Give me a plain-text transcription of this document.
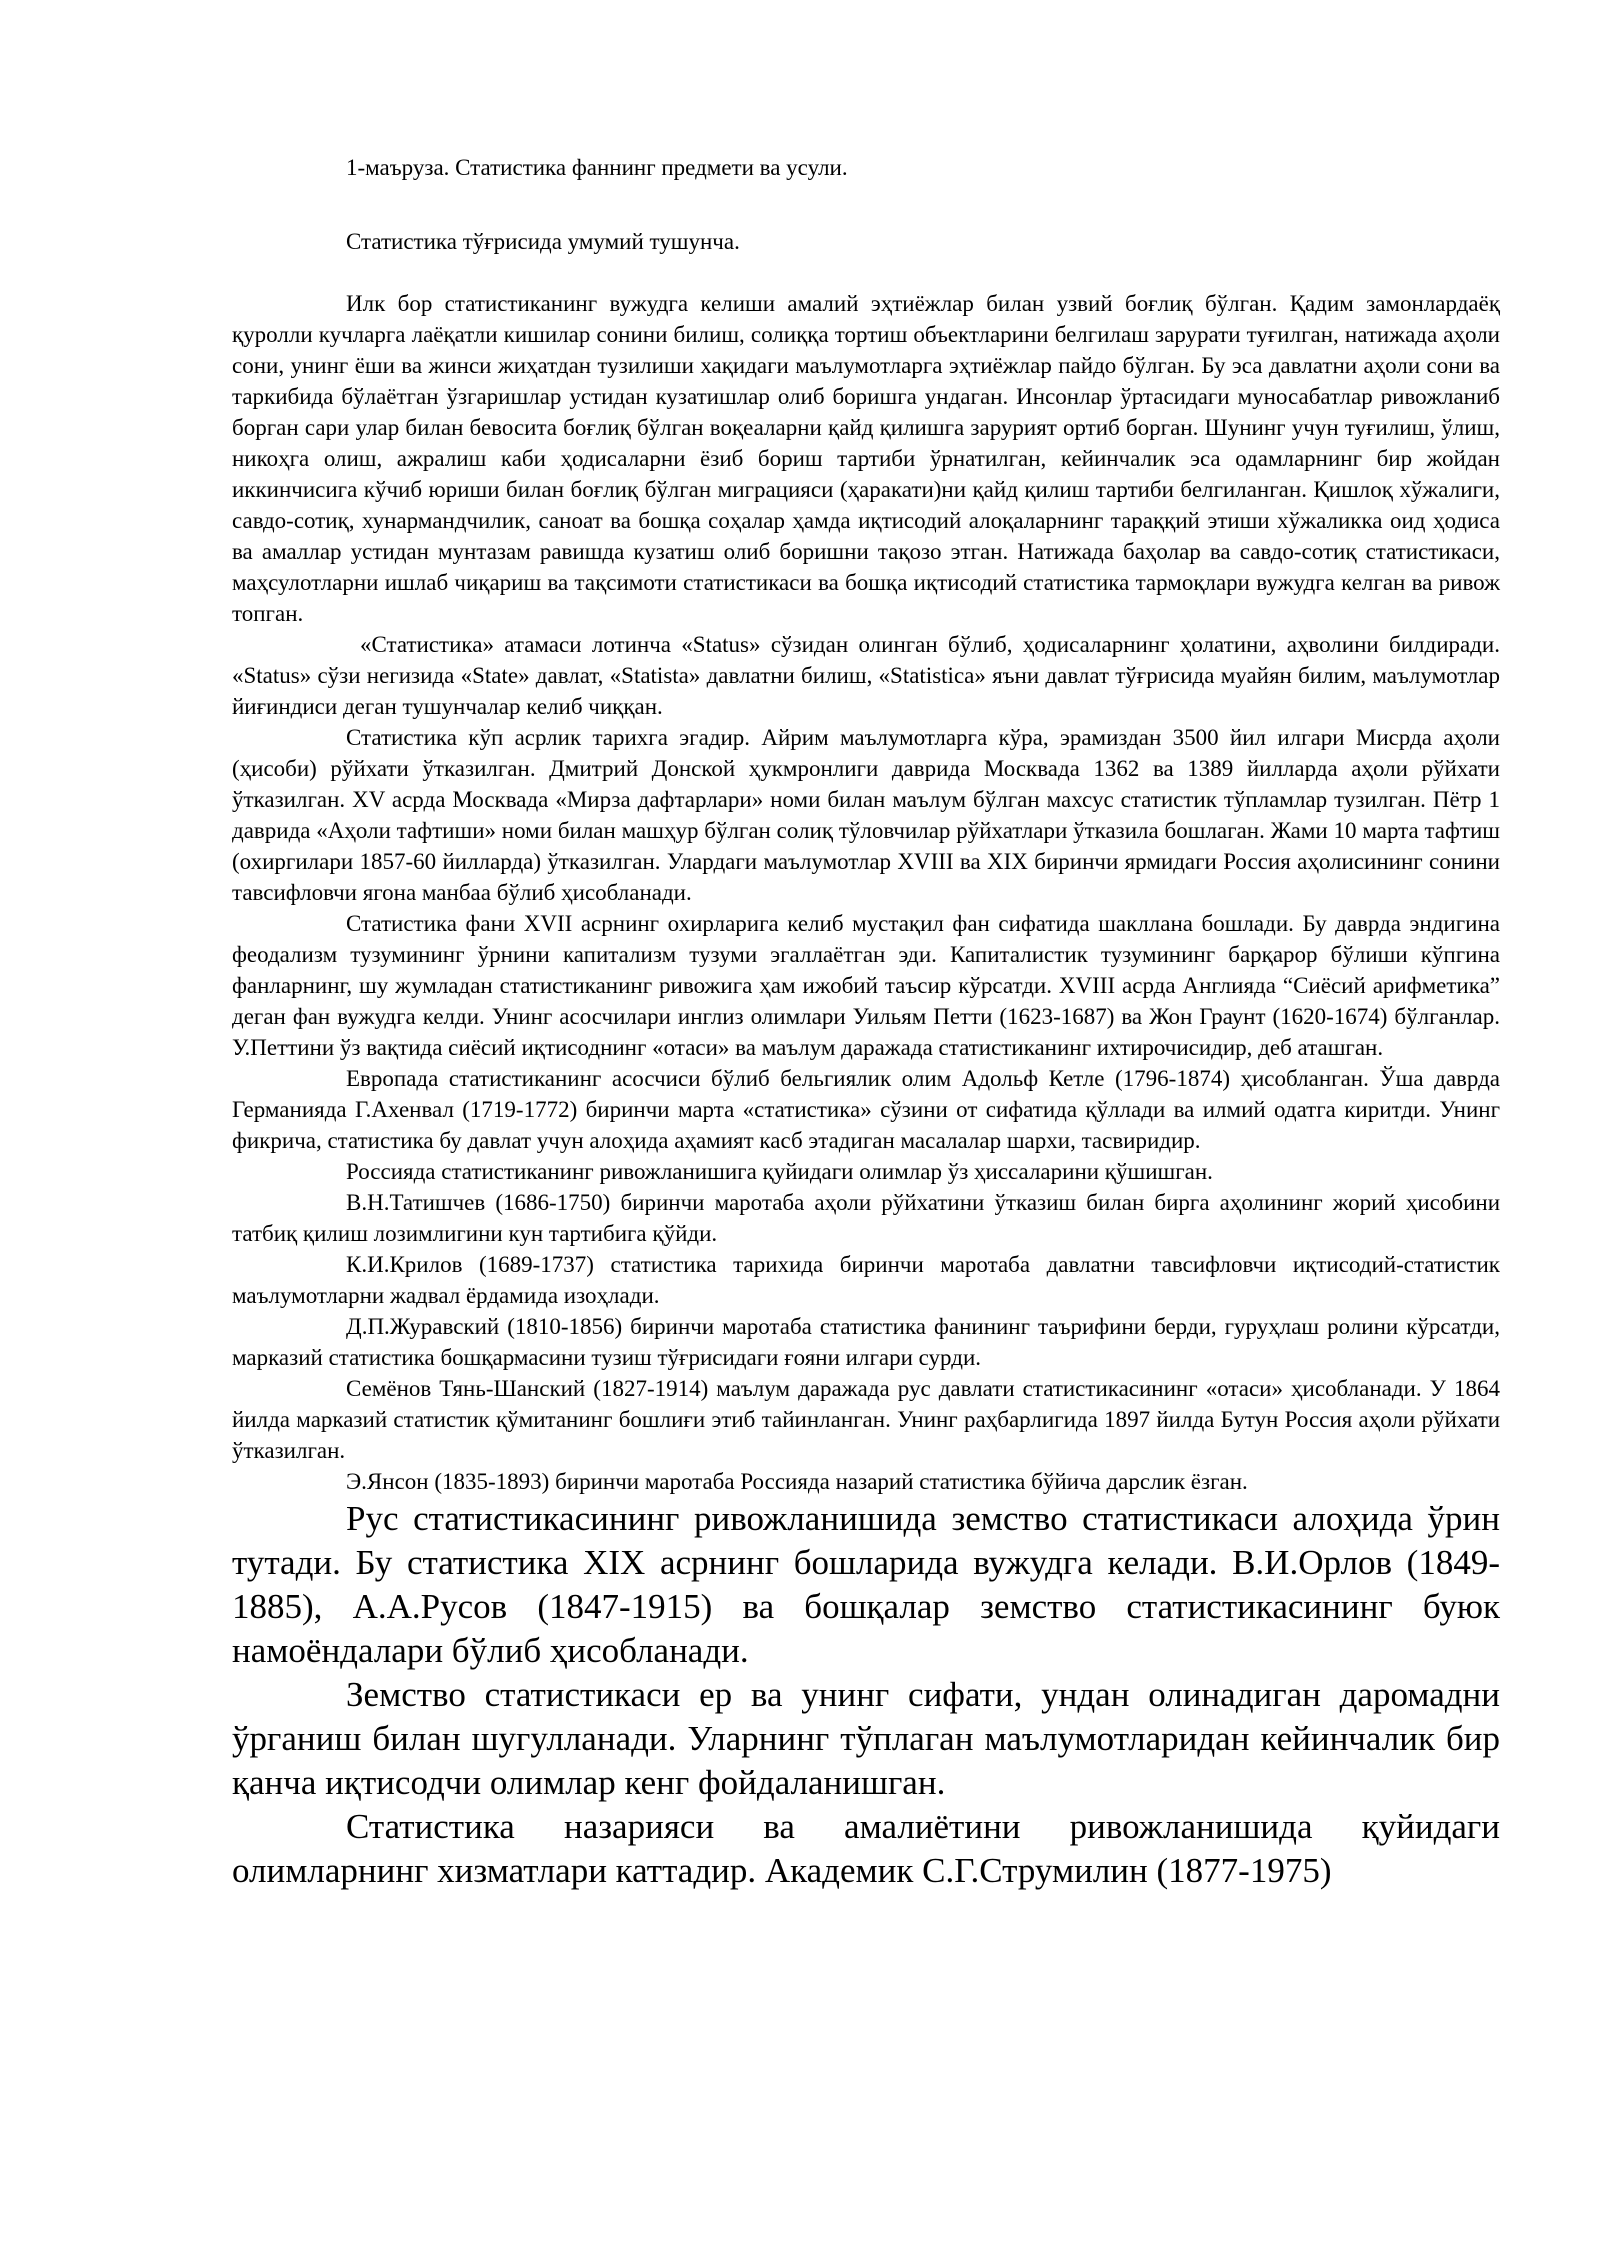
1-маъруза. Статистика фаннинг предмети ва усули.
Статистика тўғрисида умумий тушунча.

Илк бор статистиканинг вужудга келиши амалий эҳтиёжлар билан узвий боғлиқ бўлган. Қадим замонлардаёқ қуролли кучларга лаёқатли кишилар сонини билиш, солиққа тортиш объектларини белгилаш зарурати туғилган, натижада аҳоли сони, унинг ёши ва жинси жиҳатдан тузилиши хақидаги маълумотларга эҳтиёжлар пайдо бўлган. Бу эса давлатни аҳоли сони ва таркибида бўлаётган ўзгаришлар устидан кузатишлар олиб боришга ундаган. Инсонлар ўртасидаги муносабатлар ривожланиб борган сари улар билан бевосита боғлиқ бўлган воқеаларни қайд қилишга зарурият ортиб борган. Шунинг учун туғилиш, ўлиш, никоҳга олиш, ажралиш каби ҳодисаларни ёзиб бориш тартиби ўрнатилган, кейинчалик эса одамларнинг бир жойдан иккинчисига кўчиб юриши билан боғлиқ бўлган миграцияси (ҳаракати)ни қайд қилиш тартиби белгиланган. Қишлоқ хўжалиги, савдо-сотиқ, хунармандчилик, саноат ва бошқа соҳалар ҳамда иқтисодий алоқаларнинг тараққий этиши хўжаликка оид ҳодиса ва амаллар устидан мунтазам равишда кузатиш олиб боришни тақозо этган. Натижада баҳолар ва савдо-сотиқ статистикаси, маҳсулотларни ишлаб чиқариш ва тақсимоти статистикаси ва бошқа иқтисодий статистика тармоқлари вужудга келган ва ривож топган.

«Статистика» атамаси лотинча «Status» сўзидан олинган бўлиб, ҳодисаларнинг ҳолатини, аҳволини билдиради. «Status» сўзи негизида «State» давлат, «Statista» давлатни билиш, «Statistica» яъни давлат тўғрисида муайян билим, маълумотлар йиғиндиси деган тушунчалар келиб чиққан.

Статистика кўп асрлик тарихга эгадир. Айрим маълумотларга кўра, эрамиздан 3500 йил илгари Мисрда аҳоли (ҳисоби) рўйхати ўтказилган. Дмитрий Донской ҳукмронлиги даврида Москвада 1362 ва 1389 йилларда аҳоли рўйхати ўтказилган. XV асрда Москвада «Мирза дафтарлари» номи билан маълум бўлган махсус статистик тўпламлар тузилган. Пётр 1 даврида «Аҳоли тафтиши» номи билан машҳур бўлган солиқ тўловчилар рўйхатлари ўтказила бошлаган. Жами 10 марта тафтиш (охиргилари 1857-60 йилларда) ўтказилган. Улардаги маълумотлар XVIII ва XIX биринчи ярмидаги Россия аҳолисининг сонини тавсифловчи ягона манбаа бўлиб ҳисобланади.

Статистика фани XVII асрнинг охирларига келиб мустақил фан сифатида шакллана бошлади. Бу даврда эндигина феодализм тузумининг ўрнини капитализм тузуми эгаллаётган эди. Капиталистик тузумининг барқарор бўлиши кўпгина фанларнинг, шу жумладан статистиканинг ривожига ҳам ижобий таъсир кўрсатди. XVIII асрда Англияда “Сиёсий арифметика” деган фан вужудга келди. Унинг асосчилари инглиз олимлари Уильям Петти (1623-1687) ва Жон Граунт (1620-1674) бўлганлар. У.Петтини ўз вақтида сиёсий иқтисоднинг «отаси» ва маълум даражада статистиканинг ихтирочисидир, деб аташган.

Европада статистиканинг асосчиси бўлиб бельгиялик олим Адольф Кетле (1796-1874) ҳисобланган. Ўша даврда Германияда Г.Ахенвал (1719-1772) биринчи марта «статистика» сўзини от сифатида қўллади ва илмий одатга киритди. Унинг фикрича, статистика бу давлат учун алоҳида аҳамият касб этадиган масалалар шархи, тасвиридир.

Россияда статистиканинг ривожланишига қуйидаги олимлар ўз ҳиссаларини қўшишган.

В.Н.Татишчев (1686-1750) биринчи маротаба аҳоли рўйхатини ўтказиш билан бирга аҳолининг жорий ҳисобини татбиқ қилиш лозимлигини кун тартибига қўйди.

К.И.Крилов (1689-1737) статистика тарихида биринчи маротаба давлатни тавсифловчи иқтисодий-статистик маълумотларни жадвал ёрдамида изоҳлади.

Д.П.Журавский (1810-1856) биринчи маротаба статистика фанининг таърифини берди, гуруҳлаш ролини кўрсатди, марказий статистика бошқармасини тузиш тўғрисидаги ғояни илгари сурди.

Семёнов Тянь-Шанский (1827-1914) маълум даражада рус давлати статистикасининг «отаси» ҳисобланади. У 1864 йилда марказий статистик қўмитанинг бошлиғи этиб тайинланган. Унинг раҳбарлигида 1897 йилда Бутун Россия аҳоли рўйхати ўтказилган.

Э.Янсон (1835-1893) биринчи маротаба Россияда назарий статистика бўйича дарслик ёзган.

Рус статистикасининг ривожланишида земство статистикаси алоҳида ўрин тутади. Бу статистика XIX асрнинг бошларида вужудга келади. В.И.Орлов (1849-1885), А.А.Русов (1847-1915) ва бошқалар земство статистикасининг буюк намоёндалари бўлиб ҳисобланади.

Земство статистикаси ер ва унинг сифати, ундан олинадиган даромадни ўрганиш билан шугулланади. Уларнинг тўплаган маълумотларидан кейинчалик бир қанча иқтисодчи олимлар кенг фойдаланишган.

Статистика назарияси ва амалиётини ривожланишида қуйидаги олимларнинг хизматлари каттадир. Академик С.Г.Струмилин (1877-1975)
